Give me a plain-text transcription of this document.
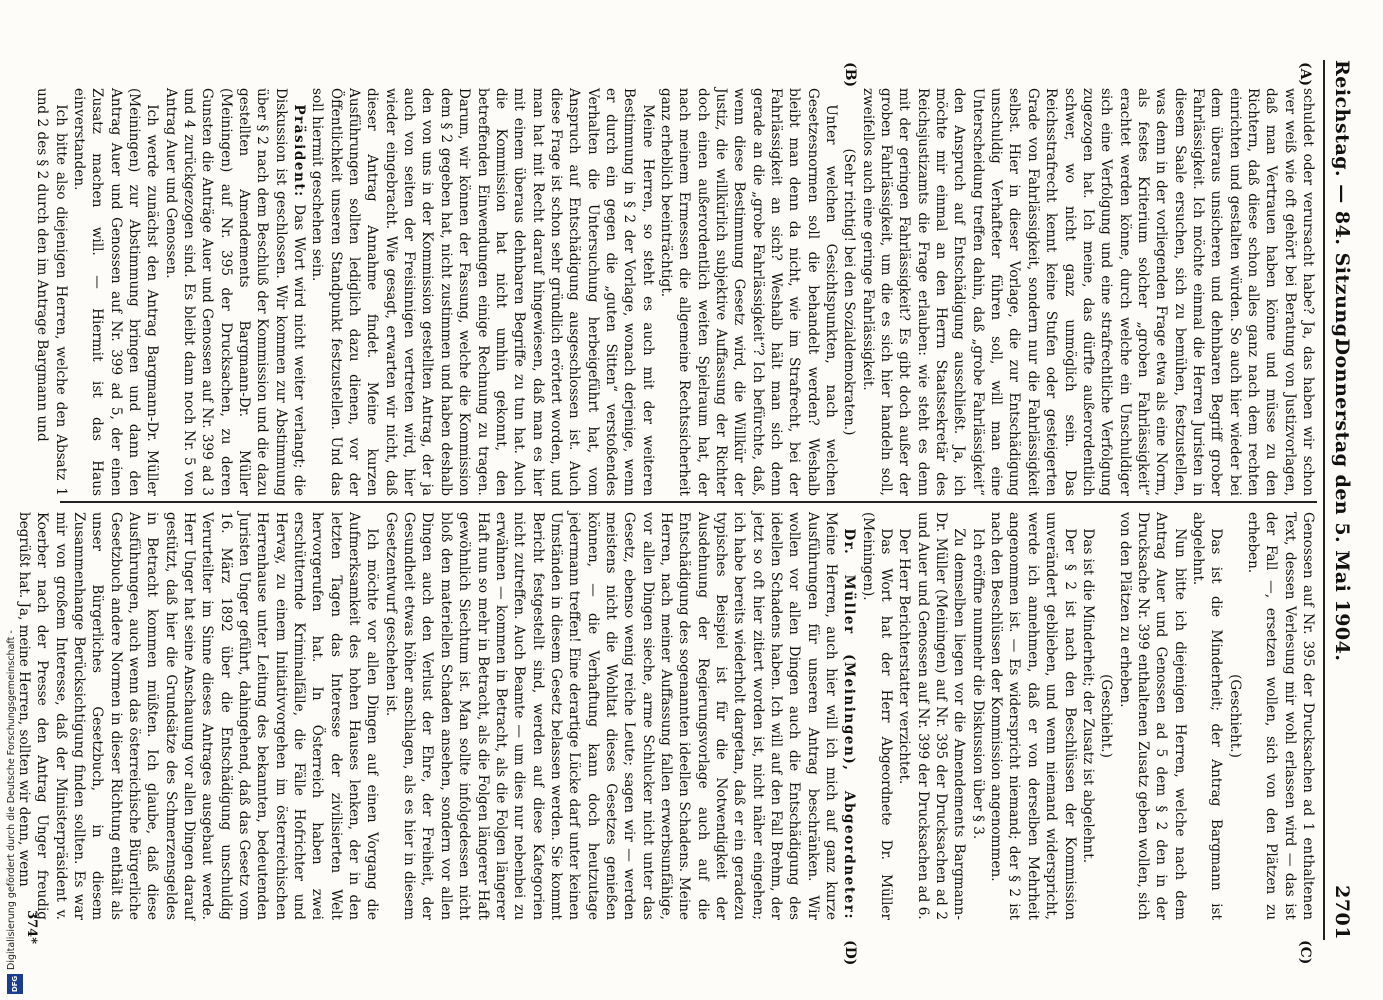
Reichstag. — 84. Sitzung.
Donnerstag den 5. Mai 1904.
2701
(A)
(B)
(C)
(D)

schuldet oder verursacht habe? Ja, das haben wir schon wer weiß wie oft gehört bei Beratung von Justizvorlagen, daß man Vertrauen haben könne und müsse zu den Richtern, daß diese schon alles ganz nach dem rechten einrichten und gestalten würden. So auch hier wieder bei dem überaus unsicheren und dehnbaren Begriff grober Fahrlässigkeit. Ich möchte einmal die Herren Juristen in diesem Saale ersuchen, sich zu bemühen, festzustellen, was denn in der vorliegenden Frage etwa als eine Norm, als festes Kriterium solcher „groben Fahrlässigkeit“ erachtet werden könne, durch welche ein Unschuldiger sich eine Verfolgung und eine strafrechtliche Verfolgung zugezogen hat. Ich meine, das dürfte außerordentlich schwer, wo nicht ganz unmöglich sein. Das Reichsstrafrecht kennt keine Stufen oder gesteigerten Grade von Fahrlässigkeit, sondern nur die Fahrlässigkeit selbst. Hier in dieser Vorlage, die zur Entschädigung unschuldig Verhafteter führen soll, will man eine Unterscheidung treffen dahin, daß „grobe Fahrlässigkeit“ den Anspruch auf Entschädigung ausschließt. Ja, ich möchte mir einmal an den Herrn Staatssekretär des Reichsjustizamts die Frage erlauben: wie steht es denn mit der geringen Fahrlässigkeit? Es gibt doch außer der groben Fahrlässigkeit, um die es sich hier handeln soll, zweifellos auch eine geringe Fahrlässigkeit.

(Sehr richtig! bei den Sozialdemokraten.)

Unter welchen Gesichtspunkten, nach welchen Gesetzesnormen soll die behandelt werden? Weshalb bleibt man denn da nicht, wie im Strafrecht, bei der Fahrlässigkeit an sich? Weshalb hält man sich denn gerade an die „grobe Fahrlässigkeit“? Ich befürchte, daß, wenn diese Bestimmung Gesetz wird, die Willkür der Justiz, die willkürlich subjektive Auffassung der Richter doch einen außerordentlich weiten Spielraum hat, der nach meinem Ermessen die allgemeine Rechtssicherheit ganz erheblich beeinträchtigt.

Meine Herren, so steht es auch mit der weiteren Bestimmung in § 2 der Vorlage, wonach derjenige, wenn er durch ein gegen die „guten Sitten“ verstoßendes Verhalten die Untersuchung herbeigeführt hat, vom Anspruch auf Entschädigung ausgeschlossen ist. Auch diese Frage ist schon sehr gründlich erörtert worden, und man hat mit Recht darauf hingewiesen, daß man es hier mit einem überaus dehnbaren Begriffe zu tun hat. Auch die Kommission hat nicht umhin gekonnt, den betreffenden Einwendungen einige Rechnung zu tragen. Darum, wir können der Fassung, welche die Kommission dem § 2 gegeben hat, nicht zustimmen und haben deshalb den von uns in der Kommission gestellten Antrag, der ja auch von seiten der Freisinnigen vertreten wird, hier wieder eingebracht. Wie gesagt, erwarten wir nicht, daß dieser Antrag Annahme findet. Meine kurzen Ausführungen sollten lediglich dazu dienen, vor der Öffentlichkeit unseren Standpunkt festzustellen. Und das soll hiermit geschehen sein.

Präsident: Das Wort wird nicht weiter verlangt; die Diskussion ist geschlossen. Wir kommen zur Abstimmung über § 2 nach dem Beschluß der Kommission und die dazu gestellten Amendements Bargmann-Dr. Müller (Meiningen) auf Nr. 395 der Drucksachen, zu deren Gunsten die Anträge Auer und Genossen auf Nr. 399 ad 3 und 4 zurückgezogen sind. Es bleibt dann noch Nr. 5 von Antrag Auer und Genossen.

Ich werde zunächst den Antrag Bargmann-Dr. Müller (Meiningen) zur Abstimmung bringen und dann den Antrag Auer und Genossen auf Nr. 399 ad 5, der einen Zusatz machen will. — Hiermit ist das Haus einverstanden.

Ich bitte also diejenigen Herren, welche den Absatz 1 und 2 des § 2 durch den im Antrage Bargmann und

Genossen auf Nr. 395 der Drucksachen ad 1 enthaltenen Text, dessen Verlesung mir wohl erlassen wird — das ist der Fall —, ersetzen wollen, sich von den Plätzen zu erheben.

(Geschieht.)

Das ist die Minderheit; der Antrag Bargmann ist abgelehnt.

Nun bitte ich diejenigen Herren, welche nach dem Antrag Auer und Genossen ad 5 dem § 2 den in der Drucksache Nr. 399 enthaltenen Zusatz geben wollen, sich von den Plätzen zu erheben.

(Geschieht.)

Das ist die Minderheit; der Zusatz ist abgelehnt.

Der § 2 ist nach den Beschlüssen der Kommission unverändert geblieben, und wenn niemand widerspricht, werde ich annehmen, daß er von derselben Mehrheit angenommen ist. — Es widerspricht niemand; der § 2 ist nach den Beschlüssen der Kommission angenommen.

Ich eröffne nunmehr die Diskussion über § 3.

Zu demselben liegen vor die Amendements Bargmann-Dr. Müller (Meiningen) auf Nr. 395 der Drucksachen ad 2 und Auer und Genossen auf Nr. 399 der Drucksachen ad 6.

Der Herr Berichterstatter verzichtet.

Das Wort hat der Herr Abgeordnete Dr. Müller (Meiningen).

Dr. Müller (Meiningen), Abgeordneter: Meine Herren, auch hier will ich mich auf ganz kurze Ausführungen für unseren Antrag beschränken. Wir wollen vor allen Dingen auch die Entschädigung des ideellen Schadens haben. Ich will auf den Fall Brehm, der jetzt so oft hier zitiert worden ist, nicht näher eingehen; ich habe bereits wiederholt dargetan, daß er ein geradezu typisches Beispiel ist für die Notwendigkeit der Ausdehnung der Regierungsvorlage auch auf die Entschädigung des sogenannten ideellen Schadens. Meine Herren, nach meiner Auffassung fallen erwerbsunfähige, vor allen Dingen sieche, arme Schlucker nicht unter das Gesetz, ebenso wenig reiche Leute; sagen wir — werden meistens nicht die Wohltat dieses Gesetzes genießen können, — die Verhaftung kann doch heutzutage jedermann treffen! Eine derartige Lücke darf unter keinen Umständen in diesem Gesetz belassen werden. Sie kommt Bericht festgestellt sind, werden auf diese Kategorien nicht zutreffen. Auch Beamte — um dies nur nebenbei zu erwähnen — kommen in Betracht, als die Folgen längerer Haft nun so mehr in Betracht, als die Folgen längerer Haft gewöhnlich Siechtum ist. Man sollte infolgedessen nicht bloß den materiellen Schaden ansehen, sondern vor allen Dingen auch den Verlust der Ehre, der Freiheit, der Gesundheit etwas höher anschlagen, als es hier in diesem Gesetzentwurf geschehen ist.

Ich möchte vor allen Dingen auf einen Vorgang die Aufmerksamkeit des hohen Hauses lenken, der in den letzten Tagen das Interesse der zivilisierten Welt hervorgerufen hat. In Österreich haben zwei erschütternde Kriminalfälle, die Fälle Hofrichter und Hervay, zu einem Initiativvorgehen im österreichischen Herrenhause unter Leitung des bekannten, bedeutenden Juristen Unger geführt, dahingehend, daß das Gesetz vom 16. März 1892 über die Entschädigung unschuldig Verurteilter im Sinne dieses Antrages ausgebaut werde. Herr Unger hat seine Anschauung vor allen Dingen darauf gestützt, daß hier die Grundsätze des Schmerzensgeldes in Betracht kommen müßten. Ich glaube, daß diese Ausführungen, auch wenn das österreichische Bürgerliche Gesetzbuch andere Normen in dieser Richtung enthält als unser Bürgerliches Gesetzbuch, in diesem Zusammenhange Berücksichtigung finden sollten. Es war mir von großem Interesse, daß der Ministerpräsident v. Koerber nach der Presse den Antrag Unger freudig begrüßt hat. Ja, meine Herren, sollten wir denn, wenn

374*
Digitalisierung gefördert durch die Deutsche Forschungsgemeinschaft -
DFG
